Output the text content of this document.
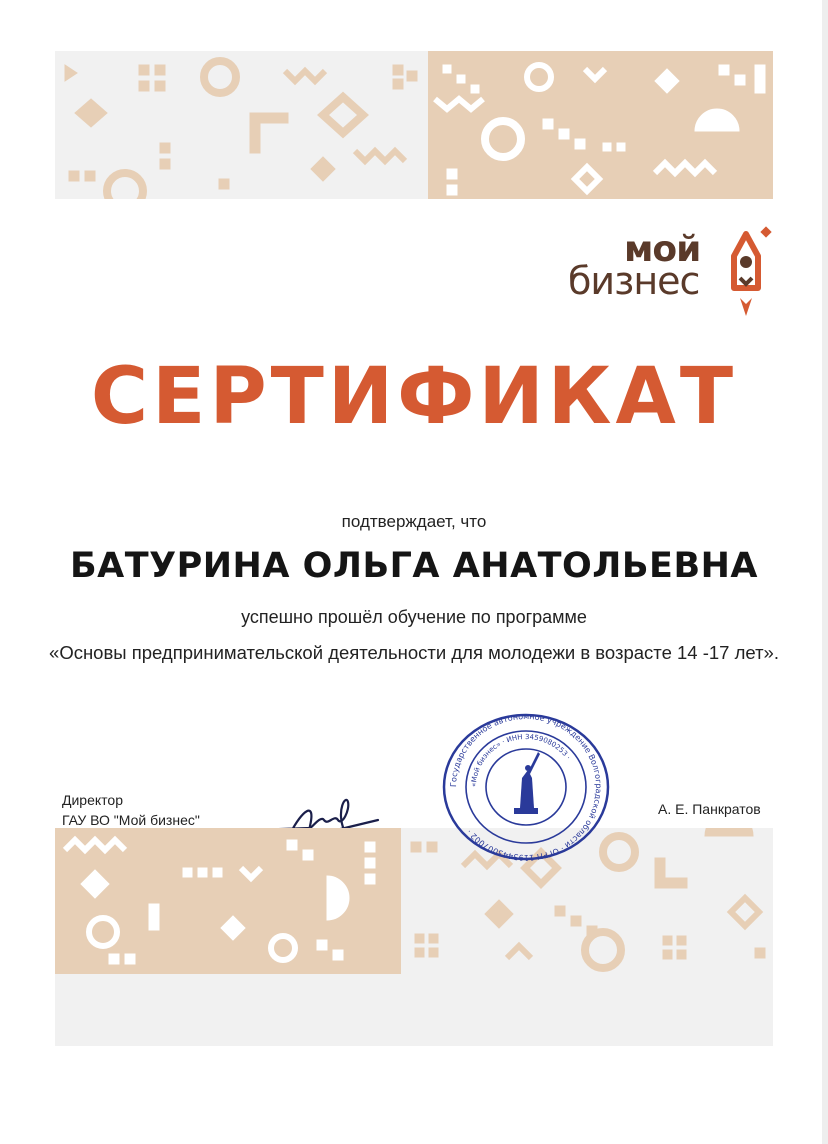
мой
бизнес
СЕРТИФИКАТ
подтверждает, что
БАТУРИНА ОЛЬГА АНАТОЛЬЕВНА
успешно прошёл обучение по программе
«Основы предпринимательской деятельности для молодежи в возрасте 14 -17 лет».
Директор
ГАУ ВО "Мой бизнес"
А. Е. Панкратов
Государственное автономное учреждение Волгоградской области · ОГРН 1193443007002 ·
«Мой бизнес» · ИНН 3459080253 ·
